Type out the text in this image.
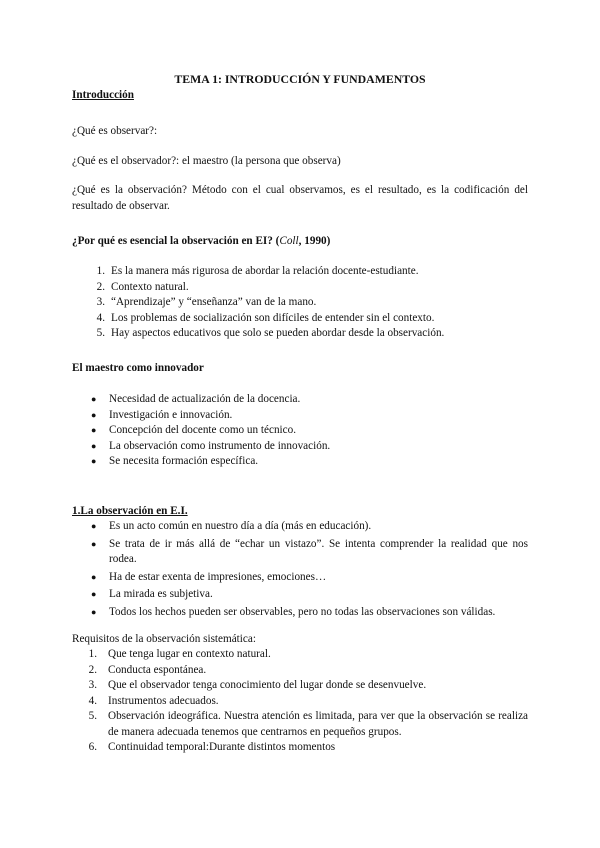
TEMA 1: INTRODUCCIÓN Y FUNDAMENTOS
Introducción
¿Qué es observar?:
¿Qué es el observador?: el maestro (la persona que observa)
¿Qué es la observación? Método con el cual observamos, es el resultado, es la codificación del resultado de observar.
¿Por qué es esencial la observación en EI? (Coll, 1990)
1. Es la manera más rigurosa de abordar la relación docente-estudiante.
2. Contexto natural.
3. “Aprendizaje” y “enseñanza” van de la mano.
4. Los problemas de socialización son difíciles de entender sin el contexto.
5. Hay aspectos educativos que solo se pueden abordar desde la observación.
El maestro como innovador
● Necesidad de actualización de la docencia.
● Investigación e innovación.
● Concepción del docente como un técnico.
● La observación como instrumento de innovación.
● Se necesita formación específica.
1.La observación en E.I.
● Es un acto común en nuestro día a día (más en educación).
● Se trata de ir más allá de “echar un vistazo”. Se intenta comprender la realidad que nos rodea.
● Ha de estar exenta de impresiones, emociones…
● La mirada es subjetiva.
● Todos los hechos pueden ser observables, pero no todas las observaciones son válidas.
Requisitos de la observación sistemática:
1. Que tenga lugar en contexto natural.
2. Conducta espontánea.
3. Que el observador tenga conocimiento del lugar donde se desenvuelve.
4. Instrumentos adecuados.
5. Observación ideográfica. Nuestra atención es limitada, para ver que la observación se realiza de manera adecuada tenemos que centrarnos en pequeños grupos.
6. Continuidad temporal:Durante distintos momentos
